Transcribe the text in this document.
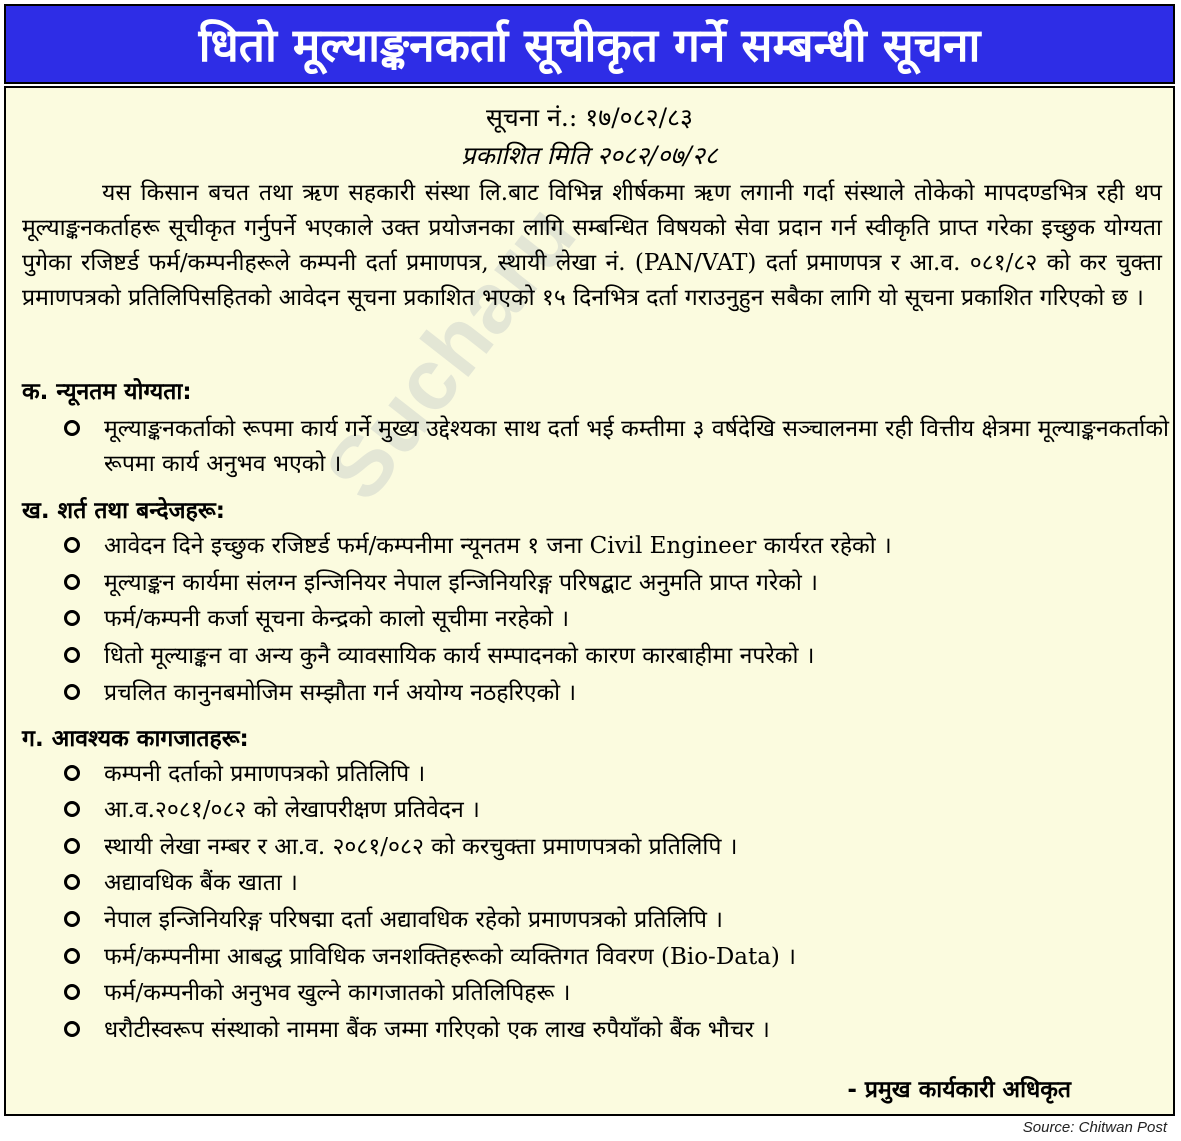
धितो मूल्याङ्कनकर्ता सूचीकृत गर्ने सम्बन्धी सूचना
Sucharu
सूचना नं.: १७/०८२/८३
प्रकाशित मिति २०८२/०७/२८
यस किसान बचत तथा ऋण सहकारी संस्था लि.बाट विभिन्न शीर्षकमा ऋण लगानी गर्दा संस्थाले तोकेको मापदण्डभित्र रही थप मूल्याङ्कनकर्ताहरू सूचीकृत गर्नुपर्ने भएकाले उक्त प्रयोजनका लागि सम्बन्धित विषयको सेवा प्रदान गर्न स्वीकृति प्राप्त गरेका इच्छुक योग्यता पुगेका रजिष्टर्ड फर्म/कम्पनीहरूले कम्पनी दर्ता प्रमाणपत्र, स्थायी लेखा नं. (PAN/VAT) दर्ता प्रमाणपत्र र आ.व. ०८१/८२ को कर चुक्ता प्रमाणपत्रको प्रतिलिपिसहितको आवेदन सूचना प्रकाशित भएको १५ दिनभित्र दर्ता गराउनुहुन सबैका लागि यो सूचना प्रकाशित गरिएको छ ।
क. न्यूनतम योग्यता:
मूल्याङ्कनकर्ताको रूपमा कार्य गर्ने मुख्य उद्देश्यका साथ दर्ता भई कम्तीमा ३ वर्षदेखि सञ्चालनमा रही वित्तीय क्षेत्रमा मूल्याङ्कनकर्ताको रूपमा कार्य अनुभव भएको ।
ख. शर्त तथा बन्देजहरू:
आवेदन दिने इच्छुक रजिष्टर्ड फर्म/कम्पनीमा न्यूनतम १ जना Civil Engineer कार्यरत रहेको ।
मूल्याङ्कन कार्यमा संलग्न इन्जिनियर नेपाल इन्जिनियरिङ्ग परिषद्बाट अनुमति प्राप्त गरेको ।
फर्म/कम्पनी कर्जा सूचना केन्द्रको कालो सूचीमा नरहेको ।
धितो मूल्याङ्कन वा अन्य कुनै व्यावसायिक कार्य सम्पादनको कारण कारबाहीमा नपरेको ।
प्रचलित कानुनबमोजिम सम्झौता गर्न अयोग्य नठहरिएको ।
ग. आवश्यक कागजातहरू:
कम्पनी दर्ताको प्रमाणपत्रको प्रतिलिपि ।
आ.व.२०८१/०८२ को लेखापरीक्षण प्रतिवेदन ।
स्थायी लेखा नम्बर र आ.व. २०८१/०८२ को करचुक्ता प्रमाणपत्रको प्रतिलिपि ।
अद्यावधिक बैंक खाता ।
नेपाल इन्जिनियरिङ्ग परिषद्मा दर्ता अद्यावधिक रहेको प्रमाणपत्रको प्रतिलिपि ।
फर्म/कम्पनीमा आबद्ध प्राविधिक जनशक्तिहरूको व्यक्तिगत विवरण (Bio-Data) ।
फर्म/कम्पनीको अनुभव खुल्ने कागजातको प्रतिलिपिहरू ।
धरौटीस्वरूप संस्थाको नाममा बैंक जम्मा गरिएको एक लाख रुपैयाँको बैंक भौचर ।
- प्रमुख कार्यकारी अधिकृत
Source: Chitwan Post
